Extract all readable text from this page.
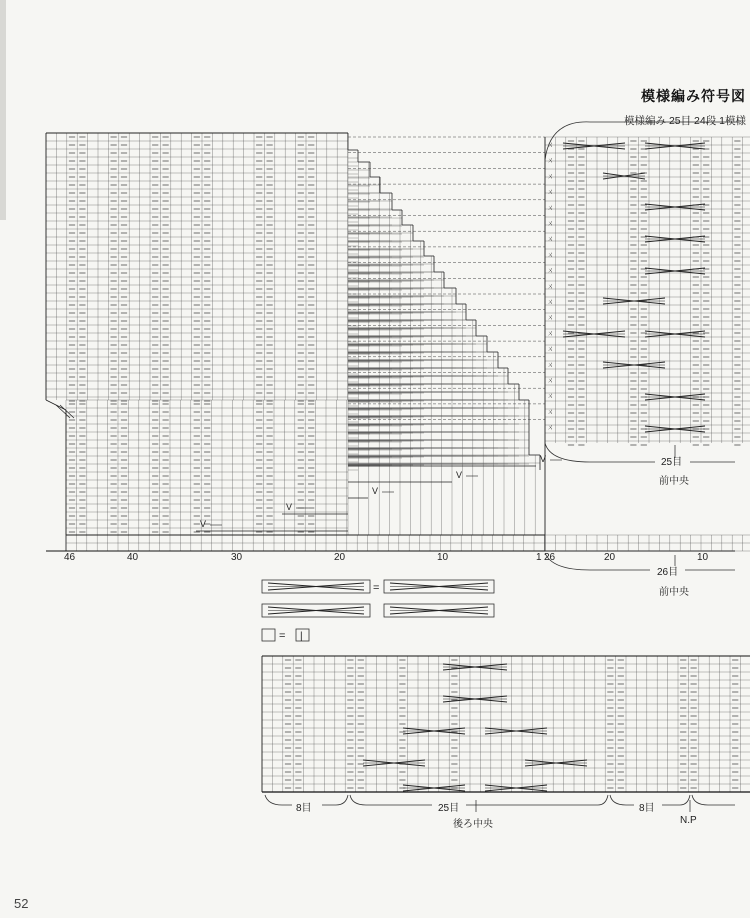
模様編み符号図
模様編み 25目 24段 1模様
V
V
V
V
V
ㄨ
ㄨ
ㄨ
ㄨ
ㄨ
ㄨ
ㄨ
ㄨ
ㄨ
ㄨ
ㄨ
ㄨ
ㄨ
ㄨ
ㄨ
ㄨ
ㄨ
ㄨ
ㄨ
=
= |
46	40	30	20	10	1 26	20	10
25目
前中央
26目
前中央
8目	25目	8目
後ろ中央	N.P
52
